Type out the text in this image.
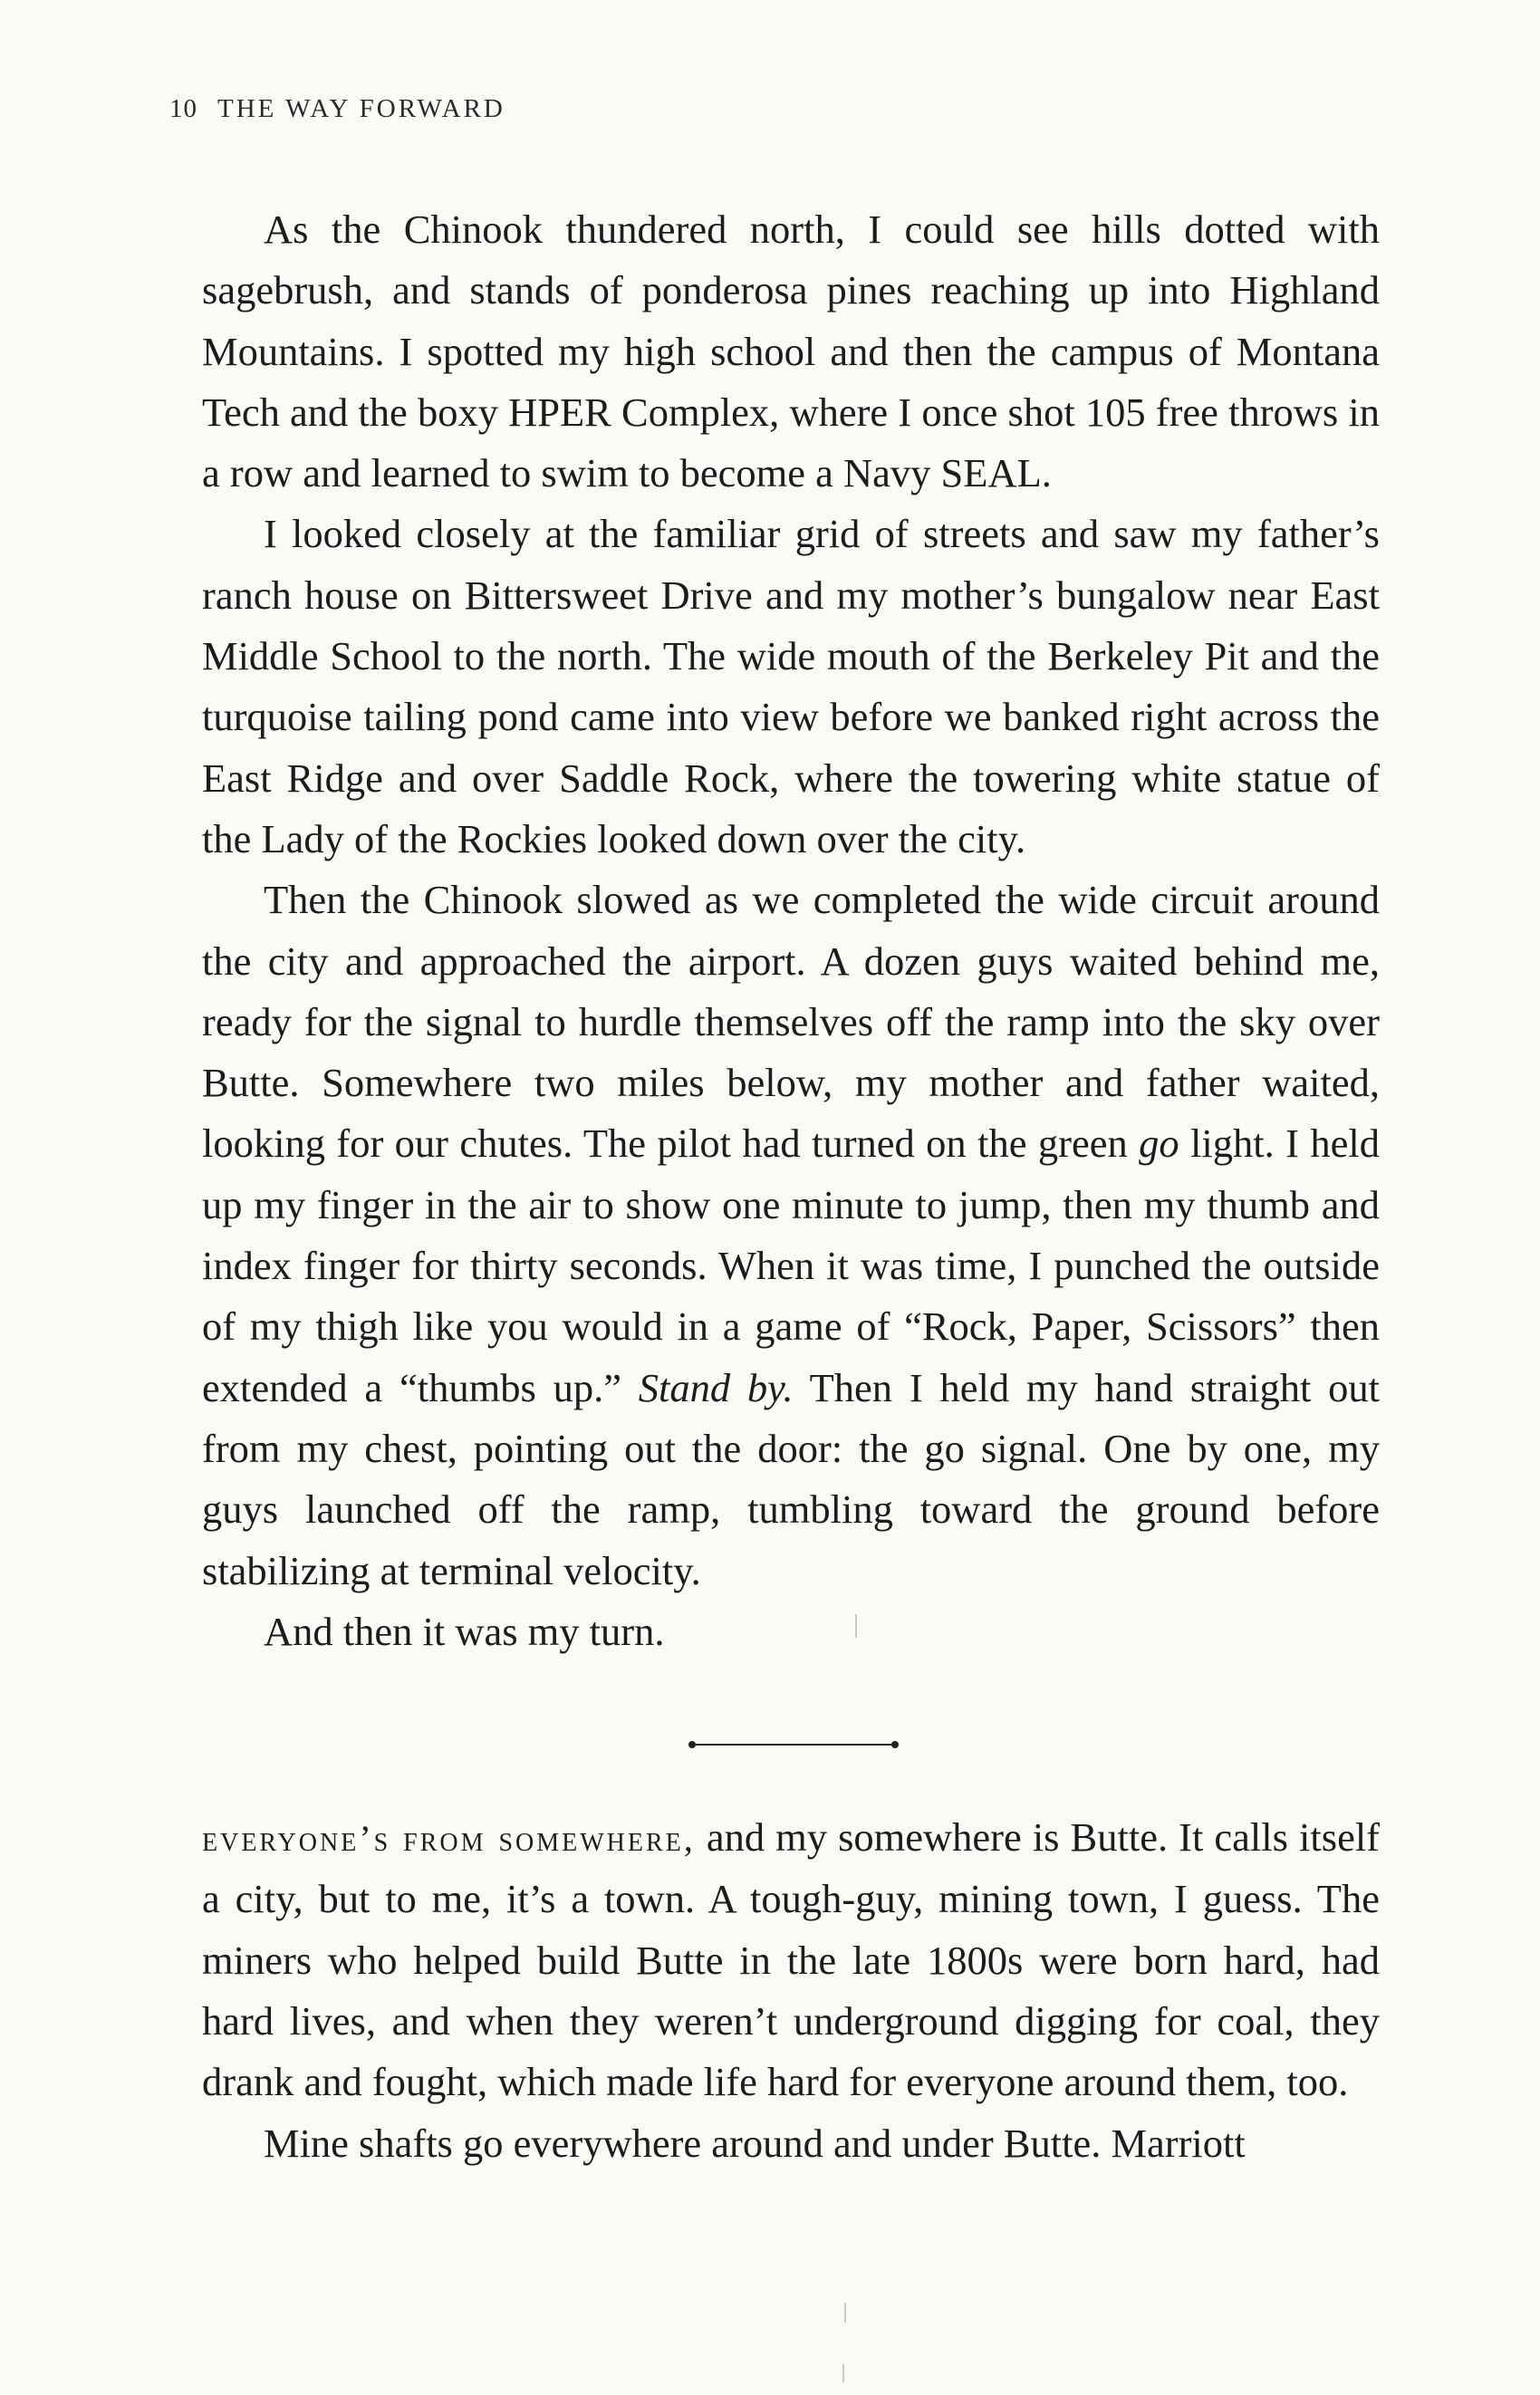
10 THE WAY FORWARD

As the Chinook thundered north, I could see hills dotted with sagebrush, and stands of ponderosa pines reaching up into Highland Mountains. I spotted my high school and then the campus of Montana Tech and the boxy HPER Complex, where I once shot 105 free throws in a row and learned to swim to become a Navy SEAL.

I looked closely at the familiar grid of streets and saw my father’s ranch house on Bittersweet Drive and my mother’s bungalow near East Middle School to the north. The wide mouth of the Berkeley Pit and the turquoise tailing pond came into view before we banked right across the East Ridge and over Saddle Rock, where the towering white statue of the Lady of the Rockies looked down over the city.

Then the Chinook slowed as we completed the wide circuit around the city and approached the airport. A dozen guys waited behind me, ready for the signal to hurdle themselves off the ramp into the sky over Butte. Somewhere two miles below, my mother and father waited, looking for our chutes. The pilot had turned on the green go light. I held up my finger in the air to show one minute to jump, then my thumb and index finger for thirty seconds. When it was time, I punched the outside of my thigh like you would in a game of “Rock, Paper, Scissors” then extended a “thumbs up.” Stand by. Then I held my hand straight out from my chest, pointing out the door: the go signal. One by one, my guys launched off the ramp, tumbling toward the ground before stabilizing at terminal velocity.

And then it was my turn.

everyone’s from somewhere, and my somewhere is Butte. It calls itself a city, but to me, it’s a town. A tough-guy, mining town, I guess. The miners who helped build Butte in the late 1800s were born hard, had hard lives, and when they weren’t underground digging for coal, they drank and fought, which made life hard for everyone around them, too.

Mine shafts go everywhere around and under Butte. Marriott
